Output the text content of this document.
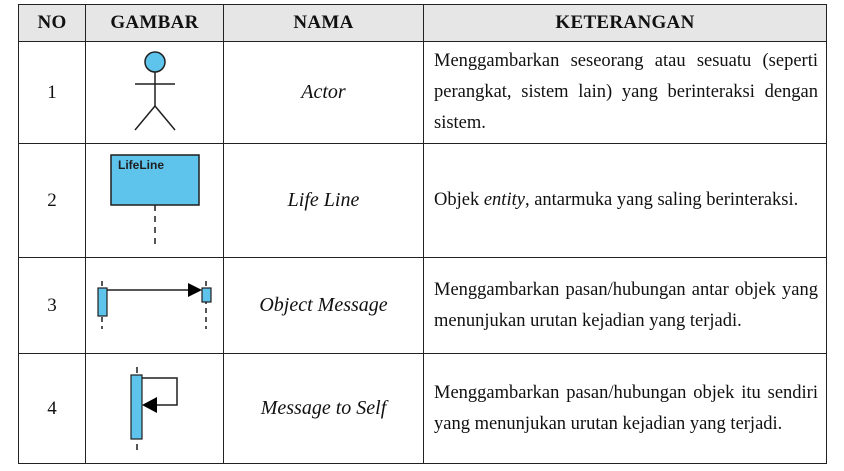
NO	GAMBAR	NAMA	KETERANGAN
1		Actor	Menggambarkan seseorang atau sesuatu (seperti perangkat, sistem lain) yang berinteraksi dengan sistem.

2	LifeLine	Life Line	Objek entity, antarmuka yang saling berinteraksi.

3		Object Message	Menggambarkan pasan/hubungan antar objek yang menunjukan urutan kejadian yang terjadi.

4		Message to Self	Menggambarkan pasan/hubungan objek itu sendiri yang menunjukan urutan kejadian yang terjadi.
